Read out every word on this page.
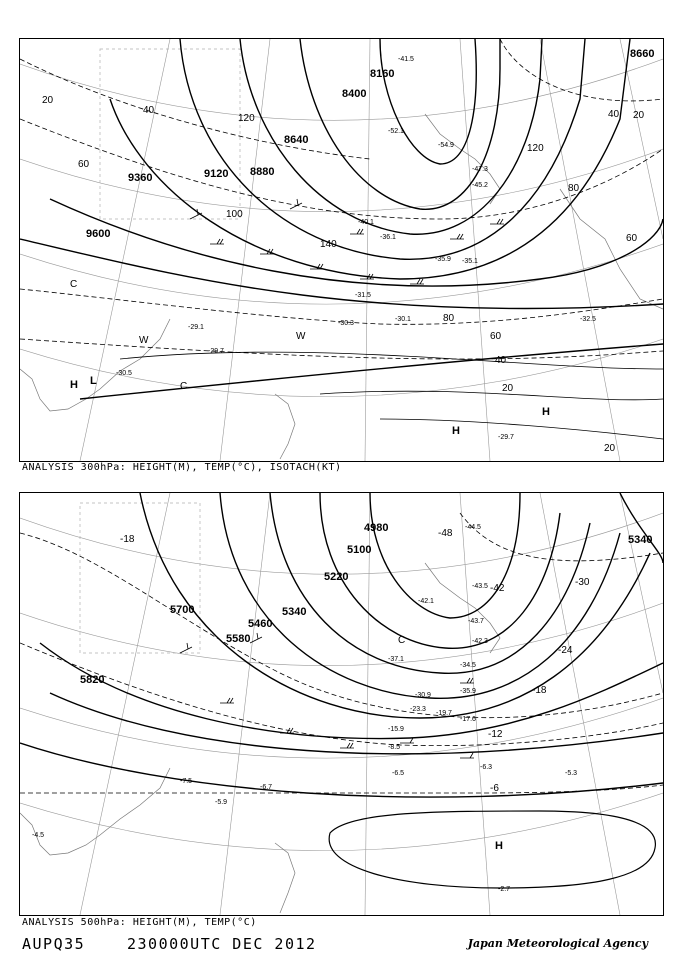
8160
8400
8640
8880
9120
9360
9600
8660
40
120
60
80
100
120
140
80
60
40
20
40 20
20
60
20
-41.5
-52.1
-54.9
-47.3
-45.2
-40.1
-36.1
-35.9 -35.1
-31.5
-30.1
-30.3
-32.5
-29.7
-30.5
-29.1
-29.7
H L
H
H
C
C
W	W
ANALYSIS 300hPa: HEIGHT(M), TEMP(°C), ISOTACH(KT)
4980
5100
5220
5340
5460
5580
5700
5820
5340
-18
-48
-42
-30
-24
-18
-12
-6
-44.5
-43.5
-42.1
-43.7
-42.3
-37.1
-34.5
-35.9
-30.9
-23.3
-19.7
-17.6
-15.9
-8.5
-6.5
-6.3
-5.3
-7.5
-5.9
-2.7
-4.5
-6.7
H
C
ANALYSIS 500hPa: HEIGHT(M), TEMP(°C)
AUPQ35	230000UTC DEC 2012	Japan Meteorological Agency
